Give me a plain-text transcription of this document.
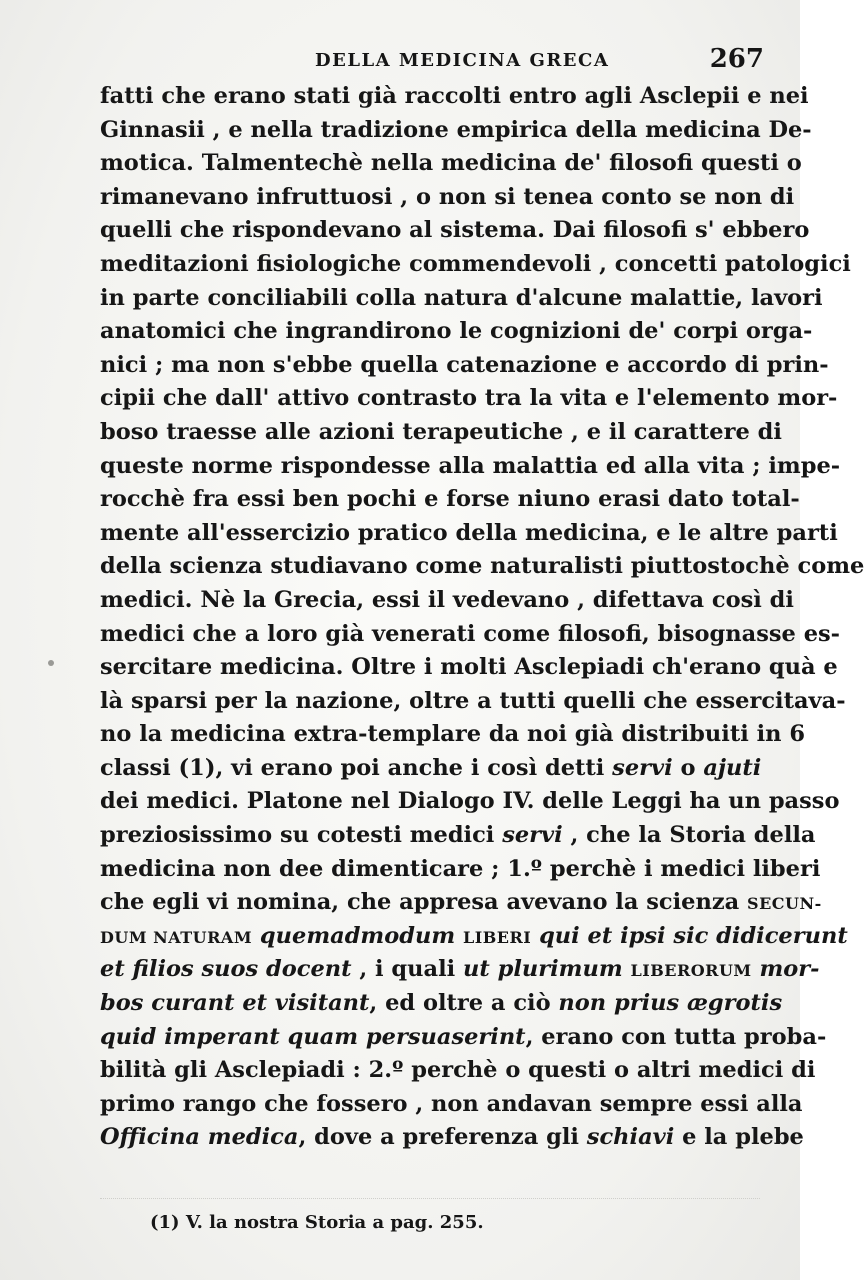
DELLA MEDICINA GRECA	267
fatti che erano stati già raccolti entro agli Asclepii e nei
Ginnasii , e nella tradizione empirica della medicina De-
motica. Talmentechè nella medicina de' filosofi questi o
rimanevano infruttuosi , o non si tenea conto se non di
quelli che rispondevano al sistema. Dai filosofi s' ebbero
meditazioni fisiologiche commendevoli , concetti patologici
in parte conciliabili colla natura d'alcune malattie, lavori
anatomici che ingrandirono le cognizioni de' corpi orga-
nici ; ma non s'ebbe quella catenazione e accordo di prin-
cipii che dall' attivo contrasto tra la vita e l'elemento mor-
boso traesse alle azioni terapeutiche , e il carattere di
queste norme rispondesse alla malattia ed alla vita ; impe-
rocchè fra essi ben pochi e forse niuno erasi dato total-
mente all'essercizio pratico della medicina, e le altre parti
della scienza studiavano come naturalisti piuttostochè come
medici. Nè la Grecia, essi il vedevano , difettava così di
medici che a loro già venerati come filosofi, bisognasse es-
sercitare medicina. Oltre i molti Asclepiadi ch'erano quà e
là sparsi per la nazione, oltre a tutti quelli che essercitava-
no la medicina extra-templare da noi già distribuiti in 6
classi (1), vi erano poi anche i così detti servi o ajuti
dei medici. Platone nel Dialogo IV. delle Leggi ha un passo
preziosissimo su cotesti medici servi , che la Storia della
medicina non dee dimenticare ; 1.º perchè i medici liberi
che egli vi nomina, che appresa avevano la scienza SECUN-
DUM NATURAM quemadmodum LIBERI qui et ipsi sic didicerunt
et filios suos docent , i quali ut plurimum LIBERORUM mor-
bos curant et visitant, ed oltre a ciò non prius ægrotis
quid imperant quam persuaserint, erano con tutta proba-
bilità gli Asclepiadi : 2.º perchè o questi o altri medici di
primo rango che fossero , non andavan sempre essi alla
Officina medica, dove a preferenza gli schiavi e la plebe
(1) V. la nostra Storia a pag. 255.
